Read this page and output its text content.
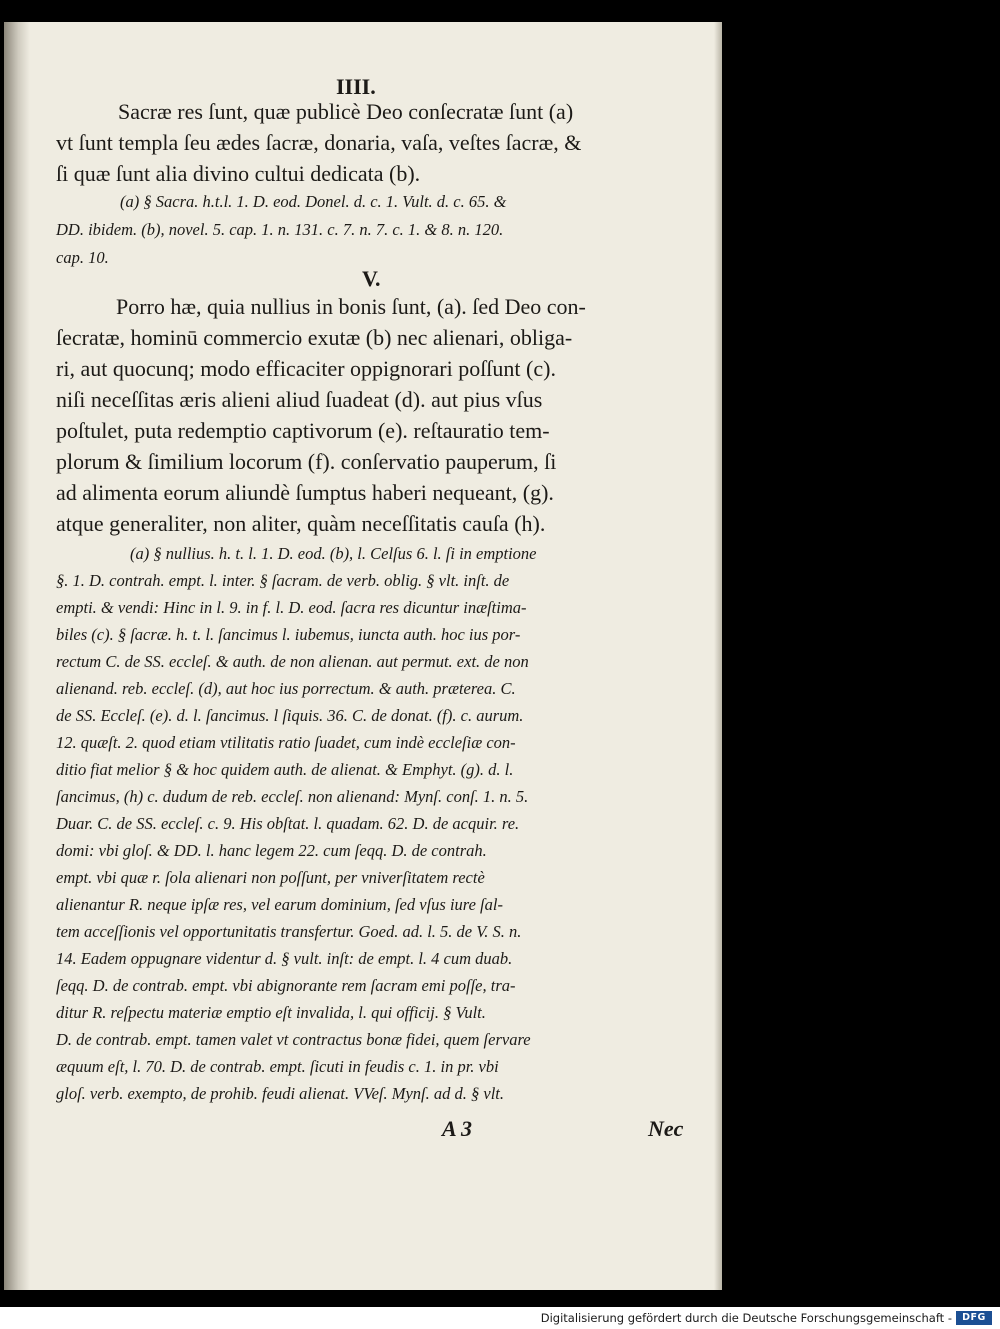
IIII.
Sacræ res ſunt, quæ publicè Deo conſecratæ ſunt (a)
vt ſunt templa ſeu ædes ſacræ, donaria, vaſa, veſtes ſacræ, &
ſi quæ ſunt alia divino cultui dedicata (b).
(a) § Sacra. h.t.l. 1. D. eod. Donel. d. c. 1. Vult. d. c. 65. &
DD. ibidem. (b), novel. 5. cap. 1. n. 131. c. 7. n. 7. c. 1. & 8. n. 120.
cap. 10.
V.
Porro hæ, quia nullius in bonis ſunt, (a). ſed Deo con-
ſecratæ, hominū commercio exutæ (b) nec alienari, obliga-
ri, aut quocunq; modo efficaciter oppignorari poſſunt (c).
niſi neceſſitas æris alieni aliud ſuadeat (d). aut pius vſus
poſtulet, puta redemptio captivorum (e). reſtauratio tem-
plorum & ſimilium locorum (f). conſervatio pauperum, ſi
ad alimenta eorum aliundè ſumptus haberi nequeant, (g).
atque generaliter, non aliter, quàm neceſſitatis cauſa (h).
(a) § nullius. h. t. l. 1. D. eod. (b), l. Celſus 6. l. ſi in emptione
§. 1. D. contrah. empt. l. inter. § ſacram. de verb. oblig. § vlt. inſt. de
empti. & vendi: Hinc in l. 9. in f. l. D. eod. ſacra res dicuntur inæſtima-
biles (c). § ſacræ. h. t. l. ſancimus l. iubemus, iuncta auth. hoc ius por-
rectum C. de SS. eccleſ. & auth. de non alienan. aut permut. ext. de non
alienand. reb. eccleſ. (d), aut hoc ius porrectum. & auth. præterea. C.
de SS. Eccleſ. (e). d. l. ſancimus. l ſiquis. 36. C. de donat. (f). c. aurum.
12. quæſt. 2. quod etiam vtilitatis ratio ſuadet, cum indè eccleſiæ con-
ditio fiat melior § & hoc quidem auth. de alienat. & Emphyt. (g). d. l.
ſancimus, (h) c. dudum de reb. eccleſ. non alienand: Mynſ. conſ. 1. n. 5.
Duar. C. de SS. eccleſ. c. 9. His obſtat. l. quadam. 62. D. de acquir. re.
domi: vbi gloſ. & DD. l. hanc legem 22. cum ſeqq. D. de contrah.
empt. vbi quæ r. ſola alienari non poſſunt, per vniverſitatem rectè
alienantur R. neque ipſæ res, vel earum dominium, ſed vſus iure ſal-
tem acceſſionis vel opportunitatis transfertur. Goed. ad. l. 5. de V. S. n.
14. Eadem oppugnare videntur d. § vult. inſt: de empt. l. 4 cum duab.
ſeqq. D. de contrab. empt. vbi abignorante rem ſacram emi poſſe, tra-
ditur R. reſpectu materiæ emptio eſt invalida, l. qui officij. § Vult.
D. de contrab. empt. tamen valet vt contractus bonæ fidei, quem ſervare
æquum eſt, l. 70. D. de contrab. empt. ſicuti in feudis c. 1. in pr. vbi
gloſ. verb. exempto, de prohib. feudi alienat. VVeſ. Mynſ. ad d. § vlt.
A 3	Nec
Digitalisierung gefördert durch die Deutsche Forschungsgemeinschaft -	DFG
